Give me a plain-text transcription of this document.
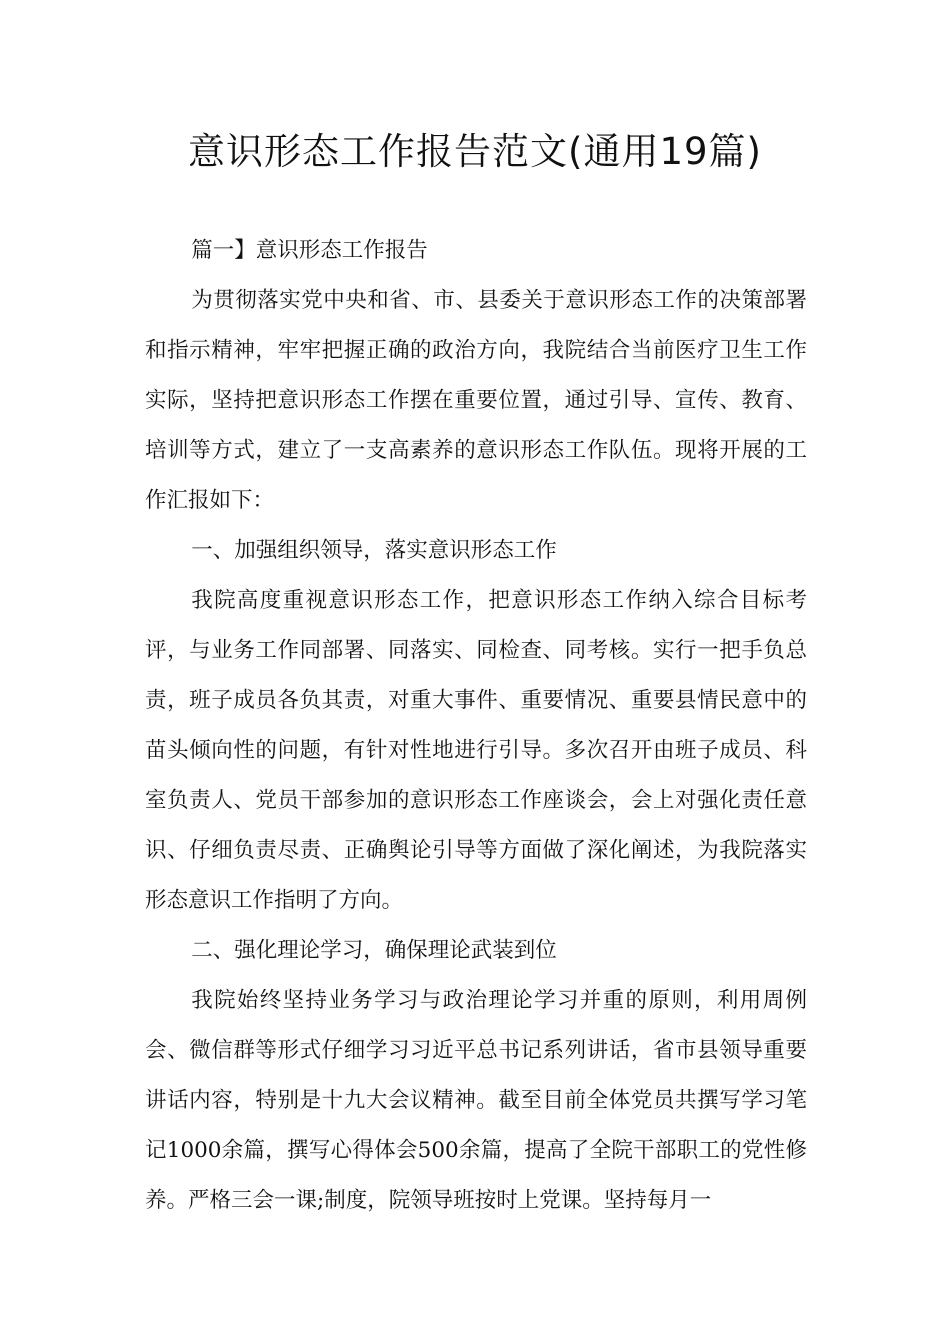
意识形态工作报告范文(通用19篇)

篇一】意识形态工作报告

为贯彻落实党中央和省、市、县委关于意识形态工作的决策部署和指示精神，牢牢把握正确的政治方向，我院结合当前医疗卫生工作实际，坚持把意识形态工作摆在重要位置，通过引导、宣传、教育、培训等方式，建立了一支高素养的意识形态工作队伍。现将开展的工作汇报如下：

一、加强组织领导，落实意识形态工作

我院高度重视意识形态工作，把意识形态工作纳入综合目标考评，与业务工作同部署、同落实、同检查、同考核。实行一把手负总责，班子成员各负其责，对重大事件、重要情况、重要县情民意中的苗头倾向性的问题，有针对性地进行引导。多次召开由班子成员、科室负责人、党员干部参加的意识形态工作座谈会，会上对强化责任意识、仔细负责尽责、正确舆论引导等方面做了深化阐述，为我院落实形态意识工作指明了方向。

二、强化理论学习，确保理论武装到位

我院始终坚持业务学习与政治理论学习并重的原则，利用周例会、微信群等形式仔细学习习近平总书记系列讲话，省市县领导重要讲话内容，特别是十九大会议精神。截至目前全体党员共撰写学习笔记1000余篇，撰写心得体会500余篇，提高了全院干部职工的党性修养。严格三会一课;制度，院领导班按时上党课。坚持每月一
